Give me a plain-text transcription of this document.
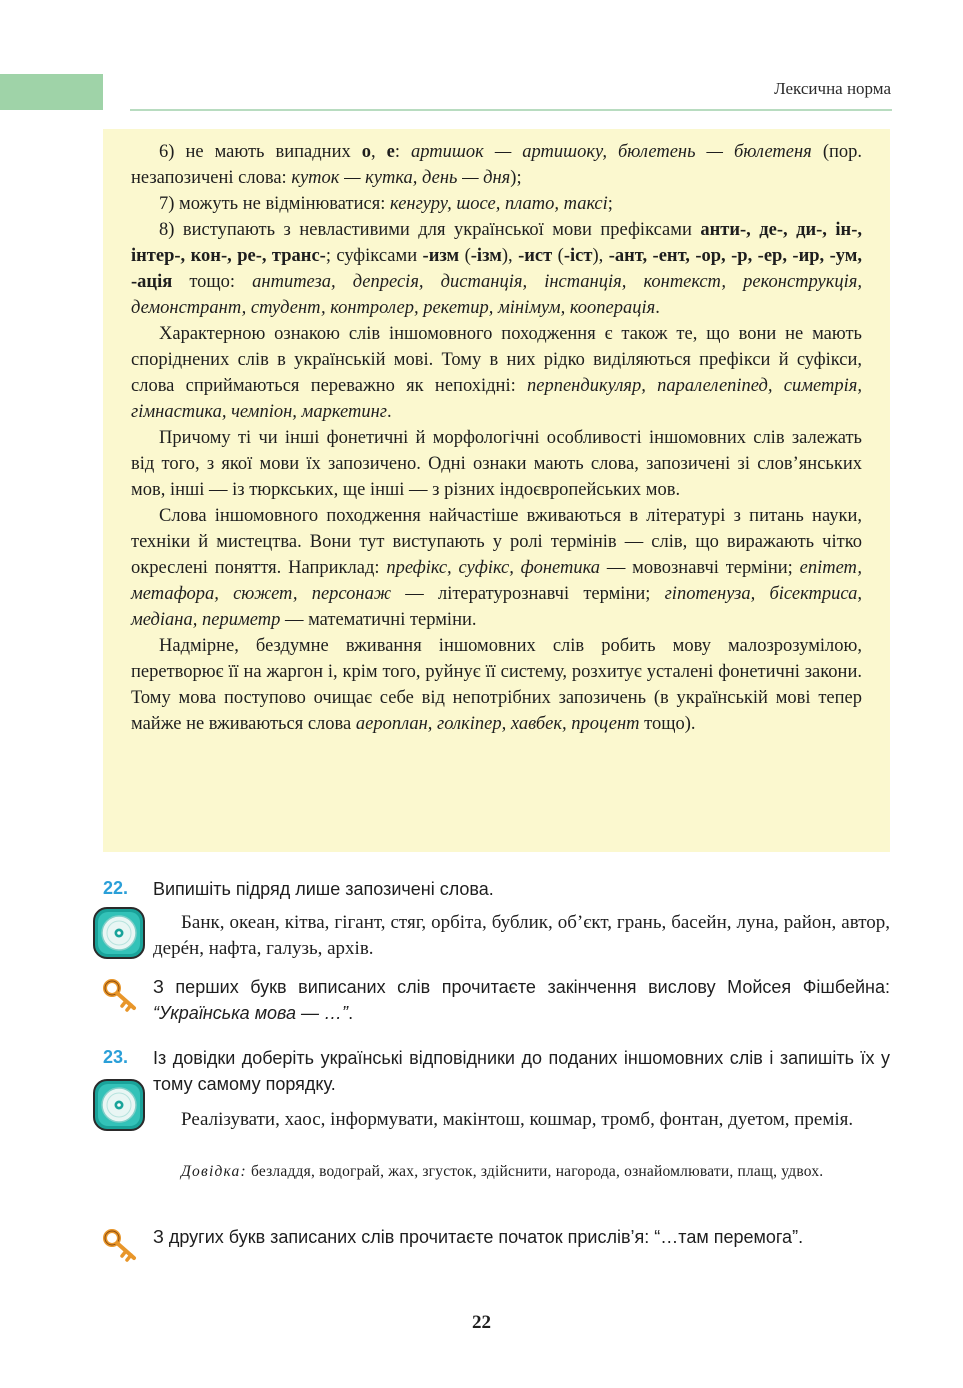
Лексична норма

6) не мають випадних о, е: артишок — артишоку, бюлетень — бюлетеня (пор. незапозичені слова: куток — кутка, день — дня);

7) можуть не відмінюватися: кенгуру, шосе, плато, таксі;

8) виступають з невластивими для української мови префіксами анти-, де-, ди-, ін-, інтер-, кон-, ре-, транс-; суфіксами -изм (-ізм), -ист (-іст), -ант, -ент, -ор, -р, -ер, -ир, -ум, -ація тощо: антитеза, депресія, дистанція, інстанція, контекст, реконструкція, демонстрант, студент, контролер, рекетир, мінімум, кооперація.

Характерною ознакою слів іншомовного походження є також те, що вони не мають споріднених слів в українській мові. Тому в них рідко виділяються префікси й суфікси, слова сприймаються переважно як непохідні: перпендикуляр, паралелепіпед, симетрія, гімнастика, чемпіон, маркетинг.

Причому ті чи інші фонетичні й морфологічні особливості іншомовних слів залежать від того, з якої мови їх запозичено. Одні ознаки мають слова, запозичені зі слов’янських мов, інші — із тюркських, ще інші — з різних індоєвропейських мов.

Слова іншомовного походження найчастіше вживаються в літературі з питань науки, техніки й мистецтва. Вони тут виступають у ролі термінів — слів, що виражають чітко окреслені поняття. Наприклад: префікс, суфікс, фонетика — мовознавчі терміни; епітет, метафора, сюжет, персонаж — літературознавчі терміни; гіпотенуза, бісектриса, медіана, периметр — математичні терміни.

Надмірне, бездумне вживання іншомовних слів робить мову малозрозумілою, перетворює її на жаргон і, крім того, руйнує її систему, розхитує усталені фонетичні закони. Тому мова поступово очищає себе від непотрібних запозичень (в українській мові тепер майже не вживаються слова аероплан, голкіпер, хавбек, процент тощо).

22.	Випишіть підряд лише запозичені слова.
Банк, океан, кітва, гігант, стяг, орбіта, бублик, об’єкт, грань, басейн, луна, район, автор, дерéн, нафта, галузь, архів.
З перших букв виписаних слів прочитаєте закінчення вислову Мойсея Фішбейна: “Українська мова — …”.
23.	Із довідки доберіть українські відповідники до поданих іншомовних слів і запишіть їх у тому самому порядку.
Реалізувати, хаос, інформувати, макінтош, кошмар, тромб, фонтан, дуетом, премія.
Довідка: безладдя, водограй, жах, згусток, здійснити, нагорода, ознайомлювати, плащ, удвох.
З других букв записаних слів прочитаєте початок прислів’я: “…там перемога”.
22
